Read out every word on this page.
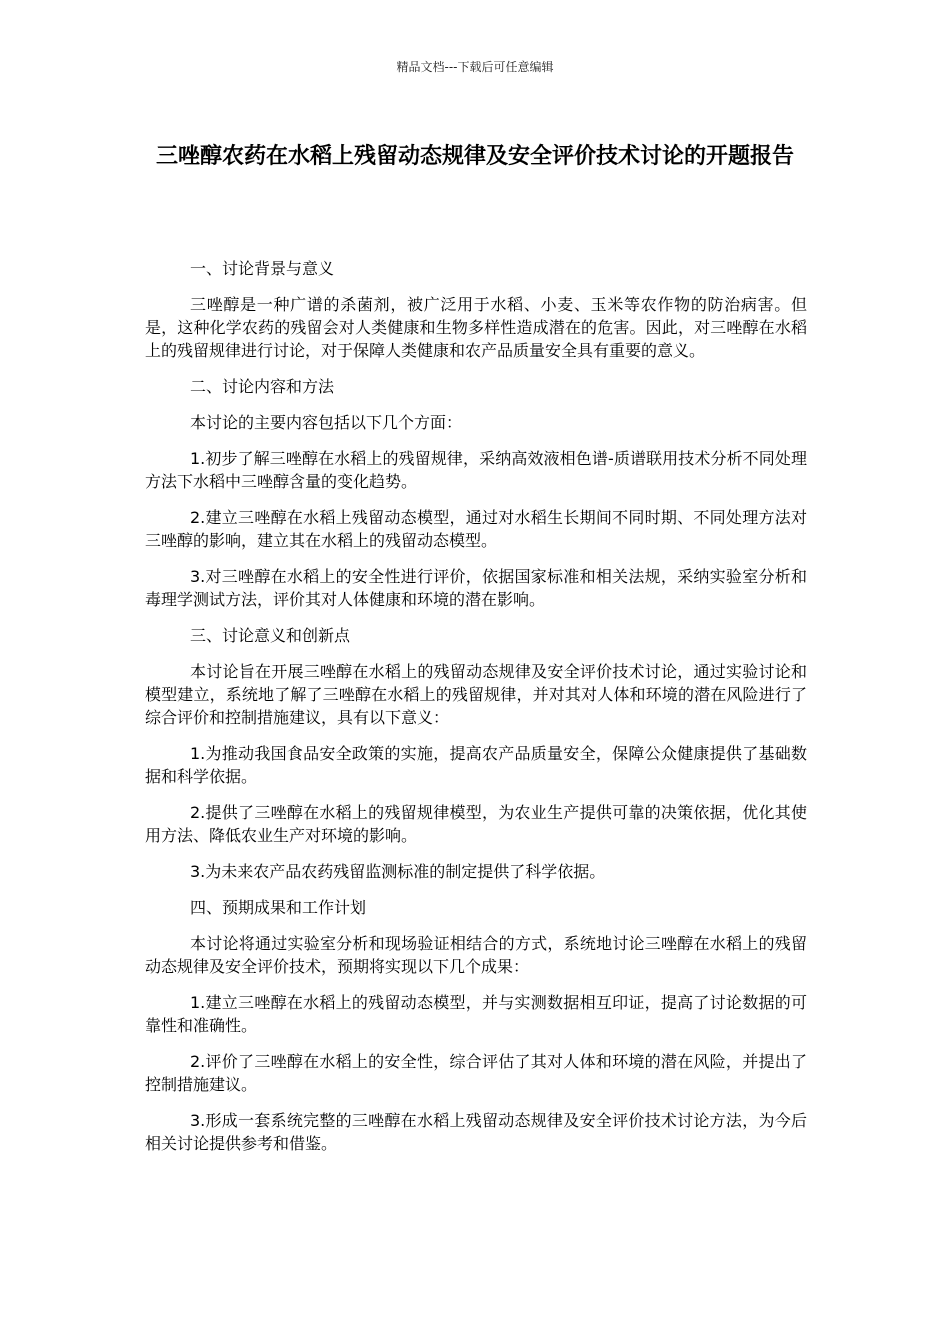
精品文档---下载后可任意编辑
三唑醇农药在水稻上残留动态规律及安全评价技术讨论的开题报告

一、讨论背景与意义

三唑醇是一种广谱的杀菌剂，被广泛用于水稻、小麦、玉米等农作物的防治病害。但是，这种化学农药的残留会对人类健康和生物多样性造成潜在的危害。因此，对三唑醇在水稻上的残留规律进行讨论，对于保障人类健康和农产品质量安全具有重要的意义。

二、讨论内容和方法

本讨论的主要内容包括以下几个方面：

1.初步了解三唑醇在水稻上的残留规律，采纳高效液相色谱-质谱联用技术分析不同处理方法下水稻中三唑醇含量的变化趋势。

2.建立三唑醇在水稻上残留动态模型，通过对水稻生长期间不同时期、不同处理方法对三唑醇的影响，建立其在水稻上的残留动态模型。

3.对三唑醇在水稻上的安全性进行评价，依据国家标准和相关法规，采纳实验室分析和毒理学测试方法，评价其对人体健康和环境的潜在影响。

三、讨论意义和创新点

本讨论旨在开展三唑醇在水稻上的残留动态规律及安全评价技术讨论，通过实验讨论和模型建立，系统地了解了三唑醇在水稻上的残留规律，并对其对人体和环境的潜在风险进行了综合评价和控制措施建议，具有以下意义：

1.为推动我国食品安全政策的实施，提高农产品质量安全，保障公众健康提供了基础数据和科学依据。

2.提供了三唑醇在水稻上的残留规律模型，为农业生产提供可靠的决策依据，优化其使用方法、降低农业生产对环境的影响。

3.为未来农产品农药残留监测标准的制定提供了科学依据。

四、预期成果和工作计划

本讨论将通过实验室分析和现场验证相结合的方式，系统地讨论三唑醇在水稻上的残留动态规律及安全评价技术，预期将实现以下几个成果：

1.建立三唑醇在水稻上的残留动态模型，并与实测数据相互印证，提高了讨论数据的可靠性和准确性。

2.评价了三唑醇在水稻上的安全性，综合评估了其对人体和环境的潜在风险，并提出了控制措施建议。

3.形成一套系统完整的三唑醇在水稻上残留动态规律及安全评价技术讨论方法，为今后相关讨论提供参考和借鉴。
